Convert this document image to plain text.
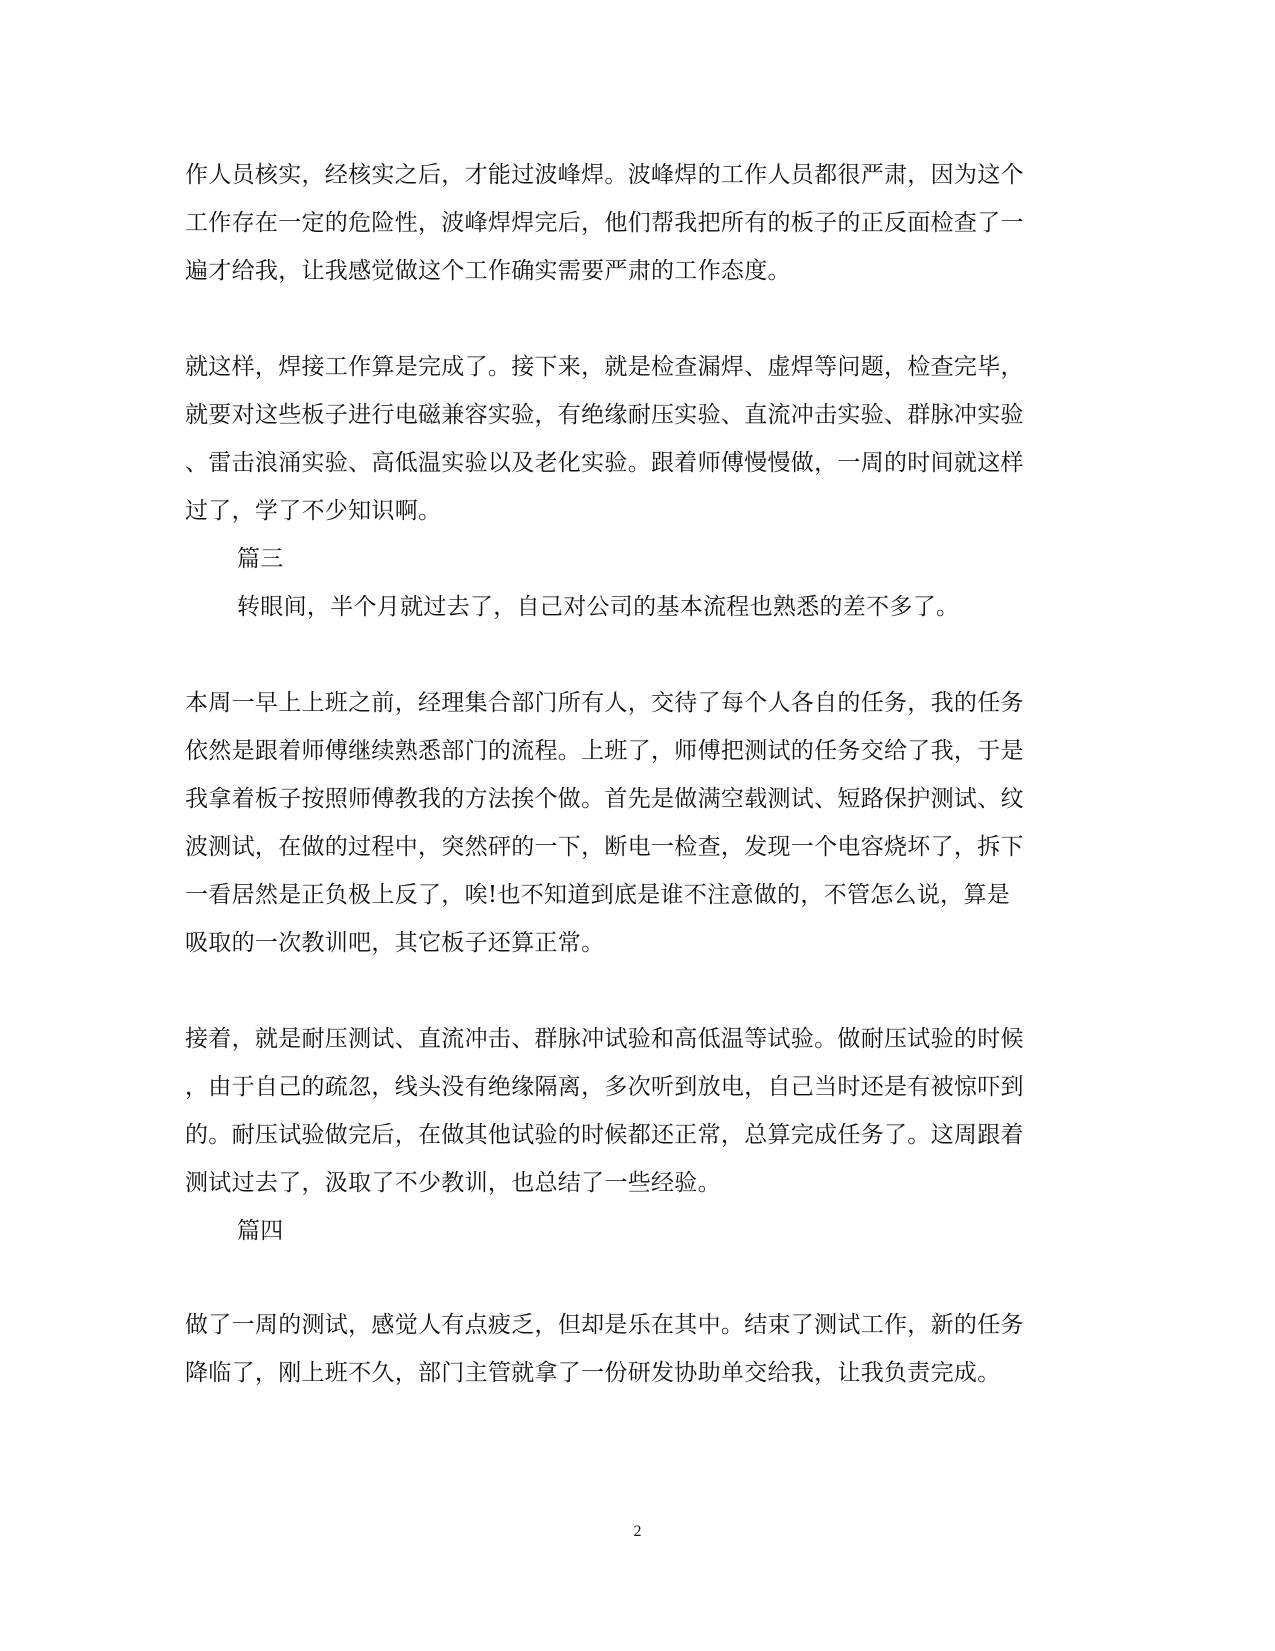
作人员核实，经核实之后，才能过波峰焊。波峰焊的工作人员都很严肃，因为这个
工作存在一定的危险性，波峰焊焊完后，他们帮我把所有的板子的正反面检查了一
遍才给我，让我感觉做这个工作确实需要严肃的工作态度。
就这样，焊接工作算是完成了。接下来，就是检查漏焊、虚焊等问题，检查完毕，
就要对这些板子进行电磁兼容实验，有绝缘耐压实验、直流冲击实验、群脉冲实验
、雷击浪涌实验、高低温实验以及老化实验。跟着师傅慢慢做，一周的时间就这样
过了，学了不少知识啊。
篇三
转眼间，半个月就过去了，自己对公司的基本流程也熟悉的差不多了。
本周一早上上班之前，经理集合部门所有人，交待了每个人各自的任务，我的任务
依然是跟着师傅继续熟悉部门的流程。上班了，师傅把测试的任务交给了我，于是
我拿着板子按照师傅教我的方法挨个做。首先是做满空载测试、短路保护测试、纹
波测试，在做的过程中，突然砰的一下，断电一检查，发现一个电容烧坏了，拆下
一看居然是正负极上反了，唉!也不知道到底是谁不注意做的，不管怎么说，算是
吸取的一次教训吧，其它板子还算正常。
接着，就是耐压测试、直流冲击、群脉冲试验和高低温等试验。做耐压试验的时候
，由于自己的疏忽，线头没有绝缘隔离，多次听到放电，自己当时还是有被惊吓到
的。耐压试验做完后，在做其他试验的时候都还正常，总算完成任务了。这周跟着
测试过去了，汲取了不少教训，也总结了一些经验。
篇四
做了一周的测试，感觉人有点疲乏，但却是乐在其中。结束了测试工作，新的任务
降临了，刚上班不久，部门主管就拿了一份研发协助单交给我，让我负责完成。
2
